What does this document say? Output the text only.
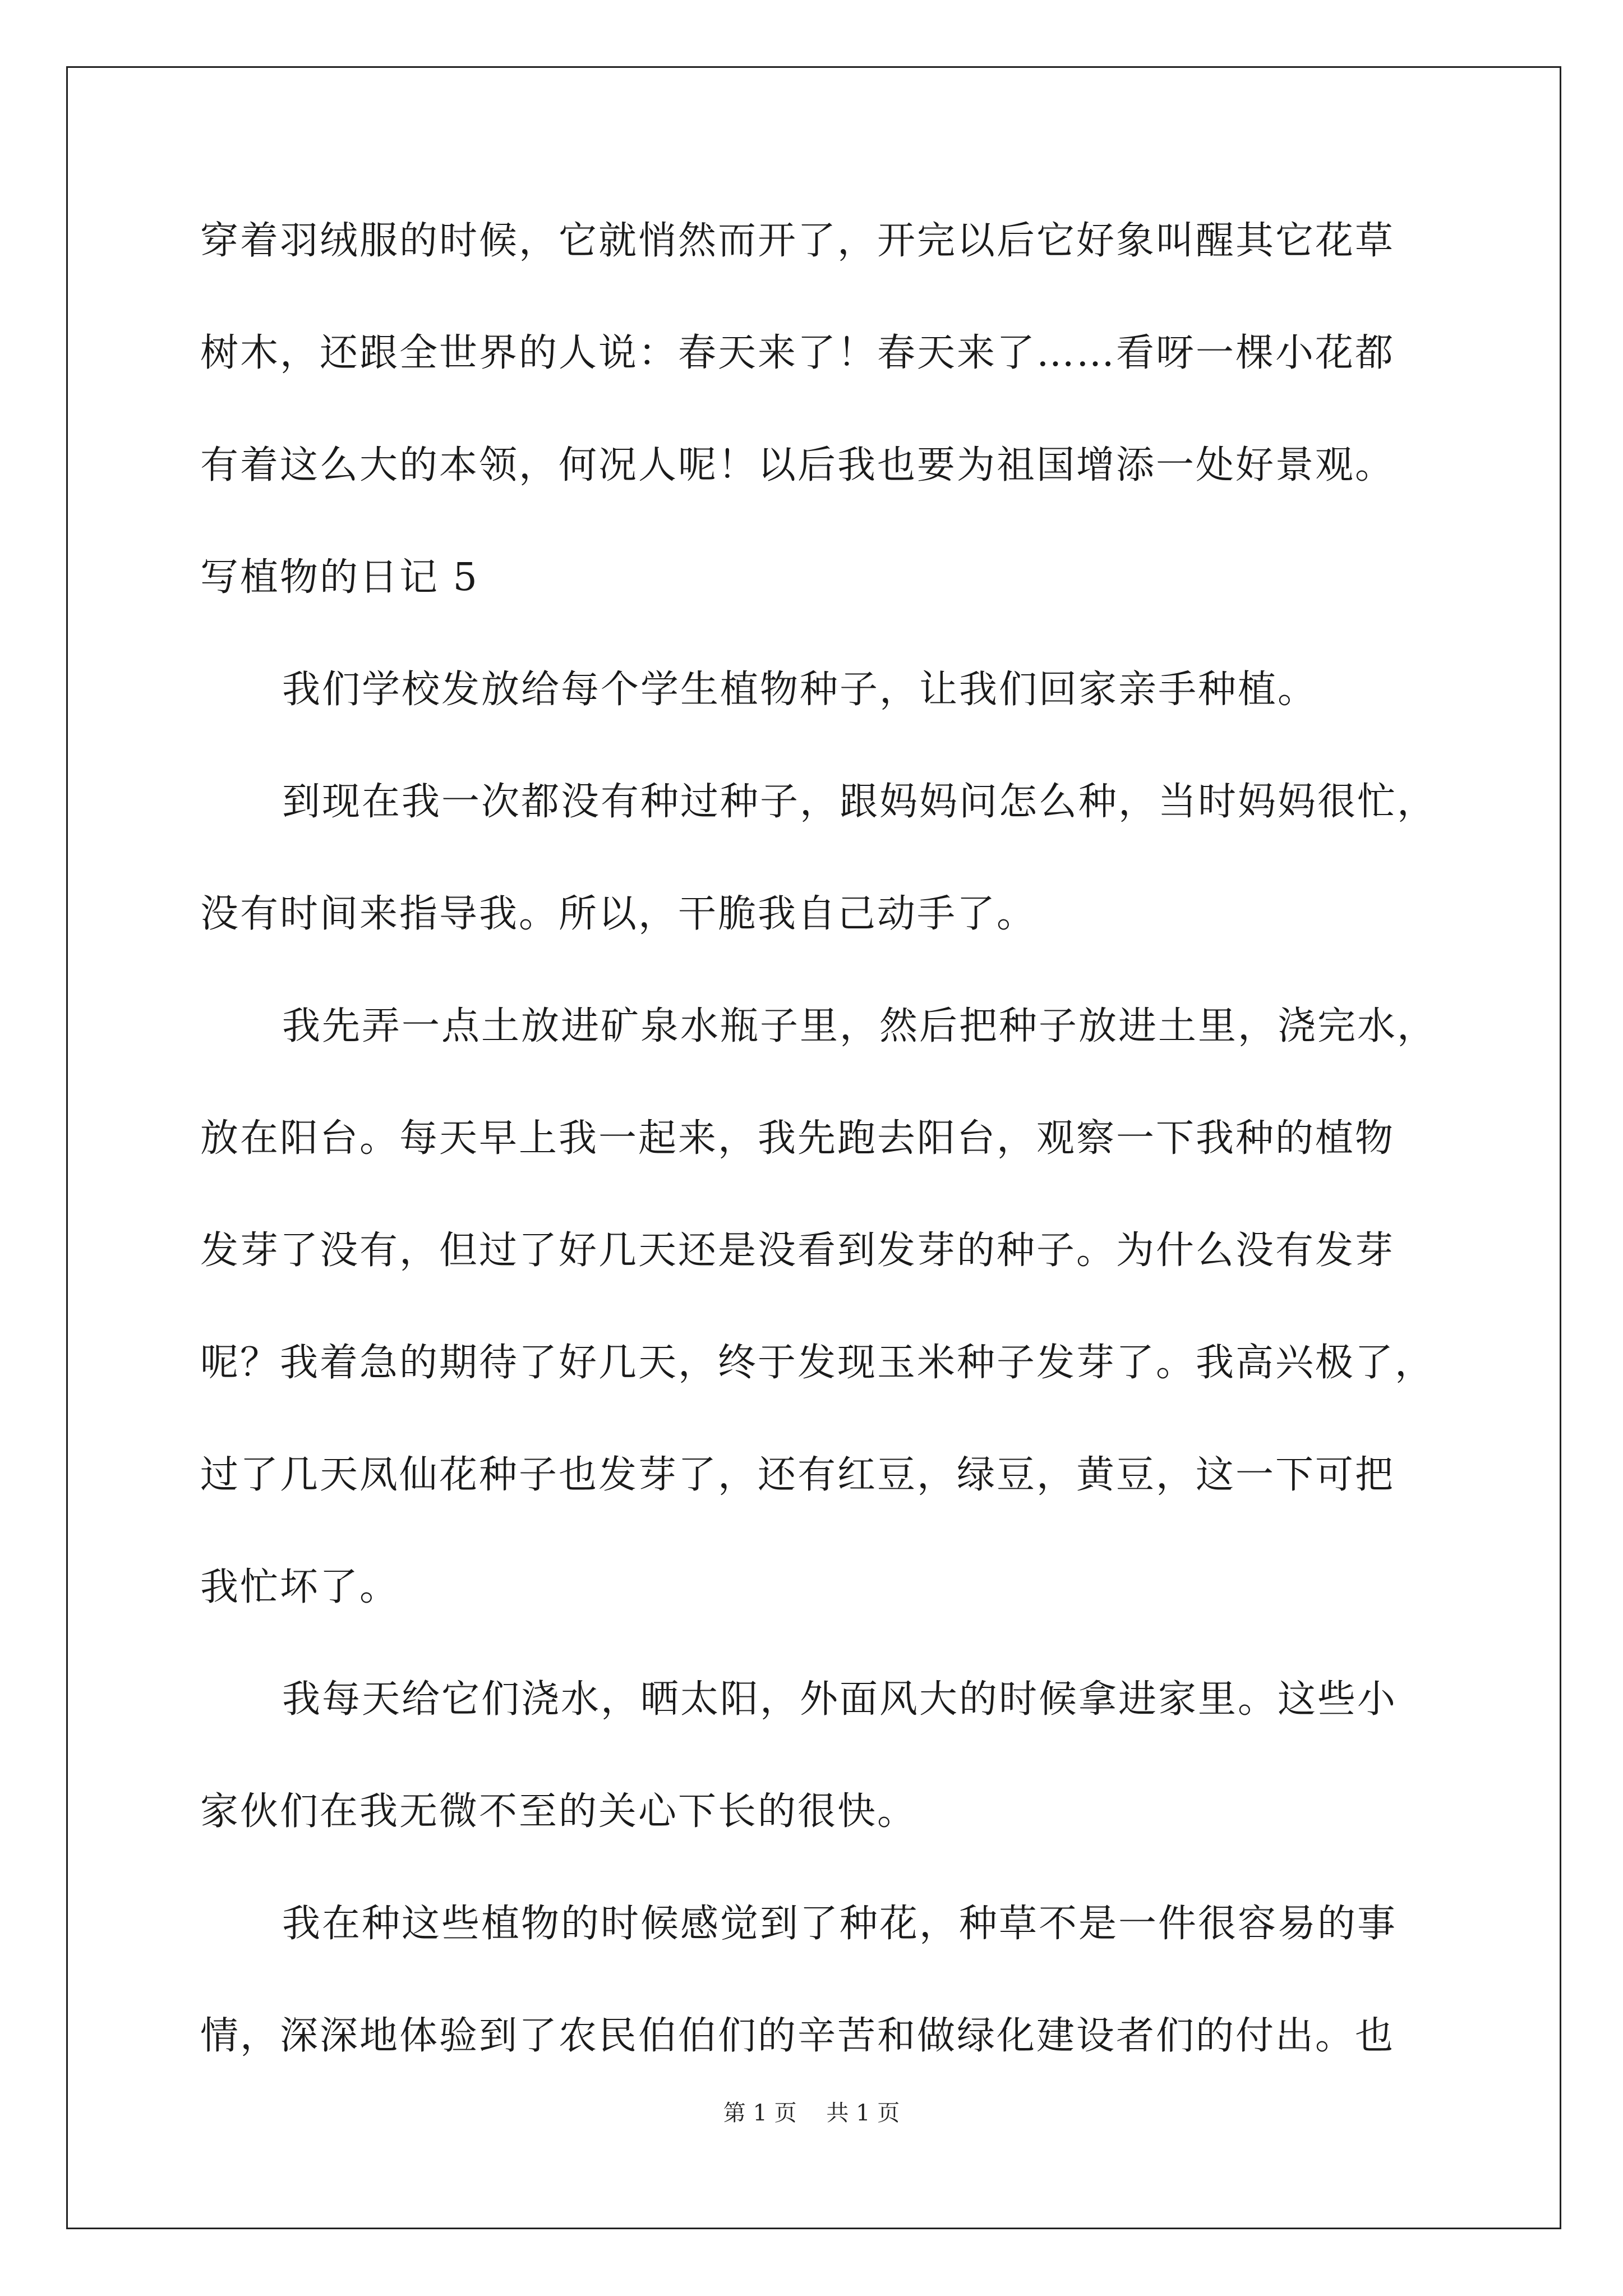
穿着羽绒服的时候，它就悄然而开了，开完以后它好象叫醒其它花草
树木，还跟全世界的人说：春天来了！春天来了……看呀一棵小花都
有着这么大的本领，何况人呢！以后我也要为祖国增添一处好景观。
写植物的日记 5
我们学校发放给每个学生植物种子，让我们回家亲手种植。
到现在我一次都没有种过种子，跟妈妈问怎么种，当时妈妈很忙，
没有时间来指导我。所以，干脆我自己动手了。
我先弄一点土放进矿泉水瓶子里，然后把种子放进土里，浇完水，
放在阳台。每天早上我一起来，我先跑去阳台，观察一下我种的植物
发芽了没有，但过了好几天还是没看到发芽的种子。为什么没有发芽
呢？我着急的期待了好几天，终于发现玉米种子发芽了。我高兴极了，
过了几天凤仙花种子也发芽了，还有红豆，绿豆，黄豆，这一下可把
我忙坏了。
我每天给它们浇水，晒太阳，外面风大的时候拿进家里。这些小
家伙们在我无微不至的关心下长的很快。
我在种这些植物的时候感觉到了种花，种草不是一件很容易的事
情，深深地体验到了农民伯伯们的辛苦和做绿化建设者们的付出。也
第 1 页 共 1 页
